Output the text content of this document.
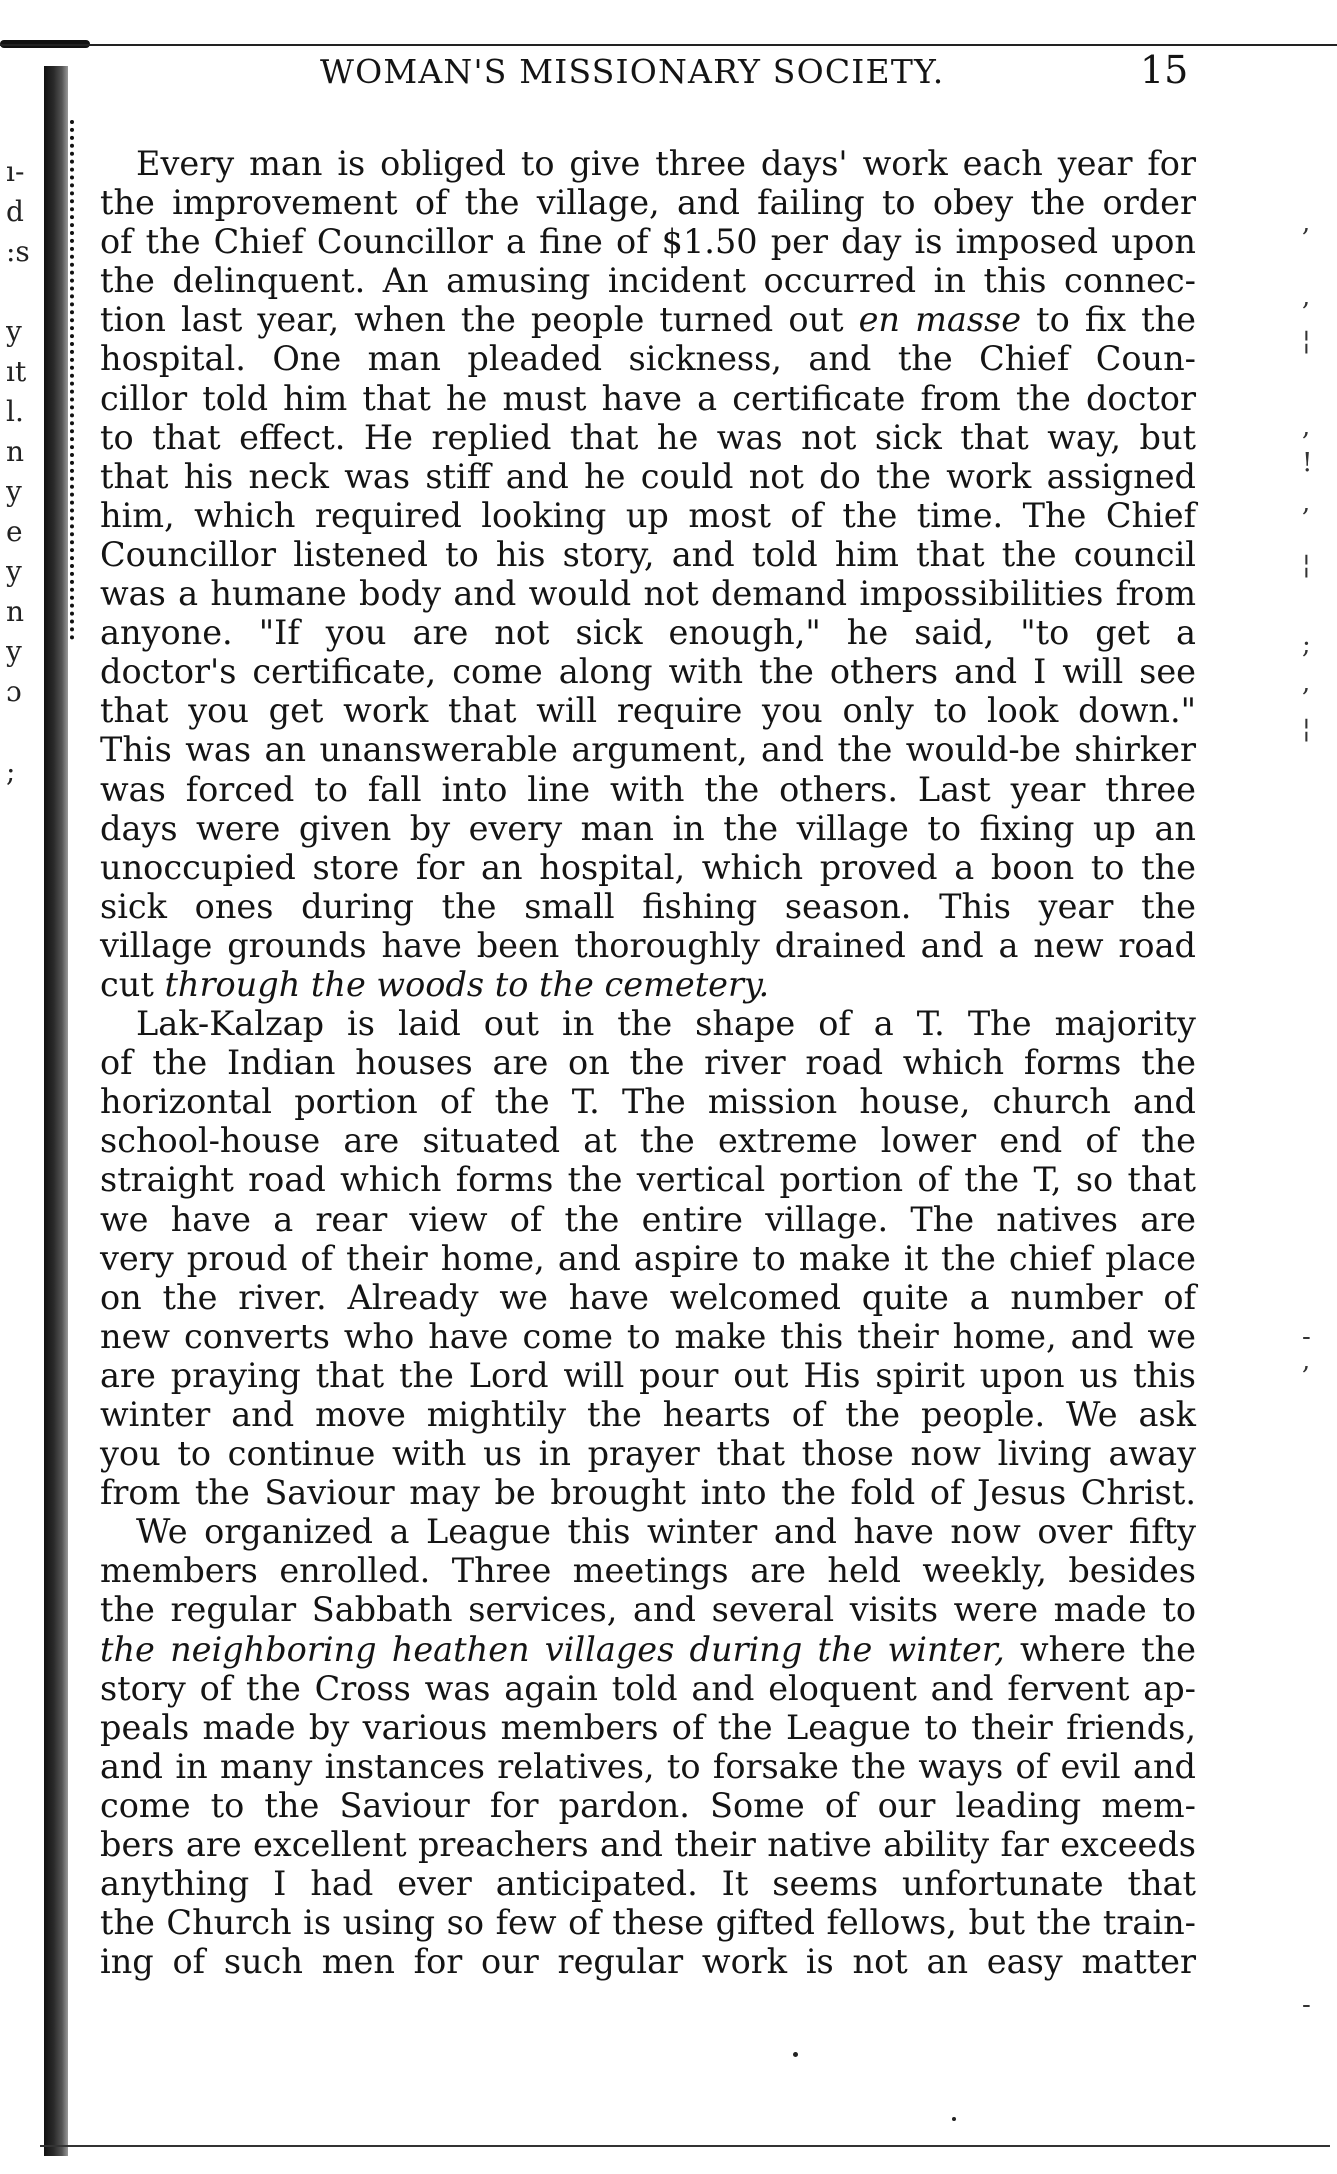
WOMAN'S MISSIONARY SOCIETY.	15
ı-
d
:s
y
ıt
l.
n
y
e
y
n
y
ɔ
;
,
,
¦
,
!
,
¦
;
,
¦
-
,
-
Every man is obliged to give three days' work each year for
the improvement of the village, and failing to obey the order
of the Chief Councillor a fine of $1.50 per day is imposed upon
the delinquent. An amusing incident occurred in this connec-
tion last year, when the people turned out en masse to fix the
hospital. One man pleaded sickness, and the Chief Coun-
cillor told him that he must have a certificate from the doctor
to that effect. He replied that he was not sick that way, but
that his neck was stiff and he could not do the work assigned
him, which required looking up most of the time. The Chief
Councillor listened to his story, and told him that the council
was a humane body and would not demand impossibilities from
anyone. "If you are not sick enough," he said, "to get a
doctor's certificate, come along with the others and I will see
that you get work that will require you only to look down."
This was an unanswerable argument, and the would-be shirker
was forced to fall into line with the others. Last year three
days were given by every man in the village to fixing up an
unoccupied store for an hospital, which proved a boon to the
sick ones during the small fishing season. This year the
village grounds have been thoroughly drained and a new road
cut through the woods to the cemetery.
Lak-Kalzap is laid out in the shape of a T. The majority
of the Indian houses are on the river road which forms the
horizontal portion of the T. The mission house, church and
school-house are situated at the extreme lower end of the
straight road which forms the vertical portion of the T, so that
we have a rear view of the entire village. The natives are
very proud of their home, and aspire to make it the chief place
on the river. Already we have welcomed quite a number of
new converts who have come to make this their home, and we
are praying that the Lord will pour out His spirit upon us this
winter and move mightily the hearts of the people. We ask
you to continue with us in prayer that those now living away
from the Saviour may be brought into the fold of Jesus Christ.
We organized a League this winter and have now over fifty
members enrolled. Three meetings are held weekly, besides
the regular Sabbath services, and several visits were made to
the neighboring heathen villages during the winter, where the
story of the Cross was again told and eloquent and fervent ap-
peals made by various members of the League to their friends,
and in many instances relatives, to forsake the ways of evil and
come to the Saviour for pardon. Some of our leading mem-
bers are excellent preachers and their native ability far exceeds
anything I had ever anticipated. It seems unfortunate that
the Church is using so few of these gifted fellows, but the train-
ing of such men for our regular work is not an easy matter
